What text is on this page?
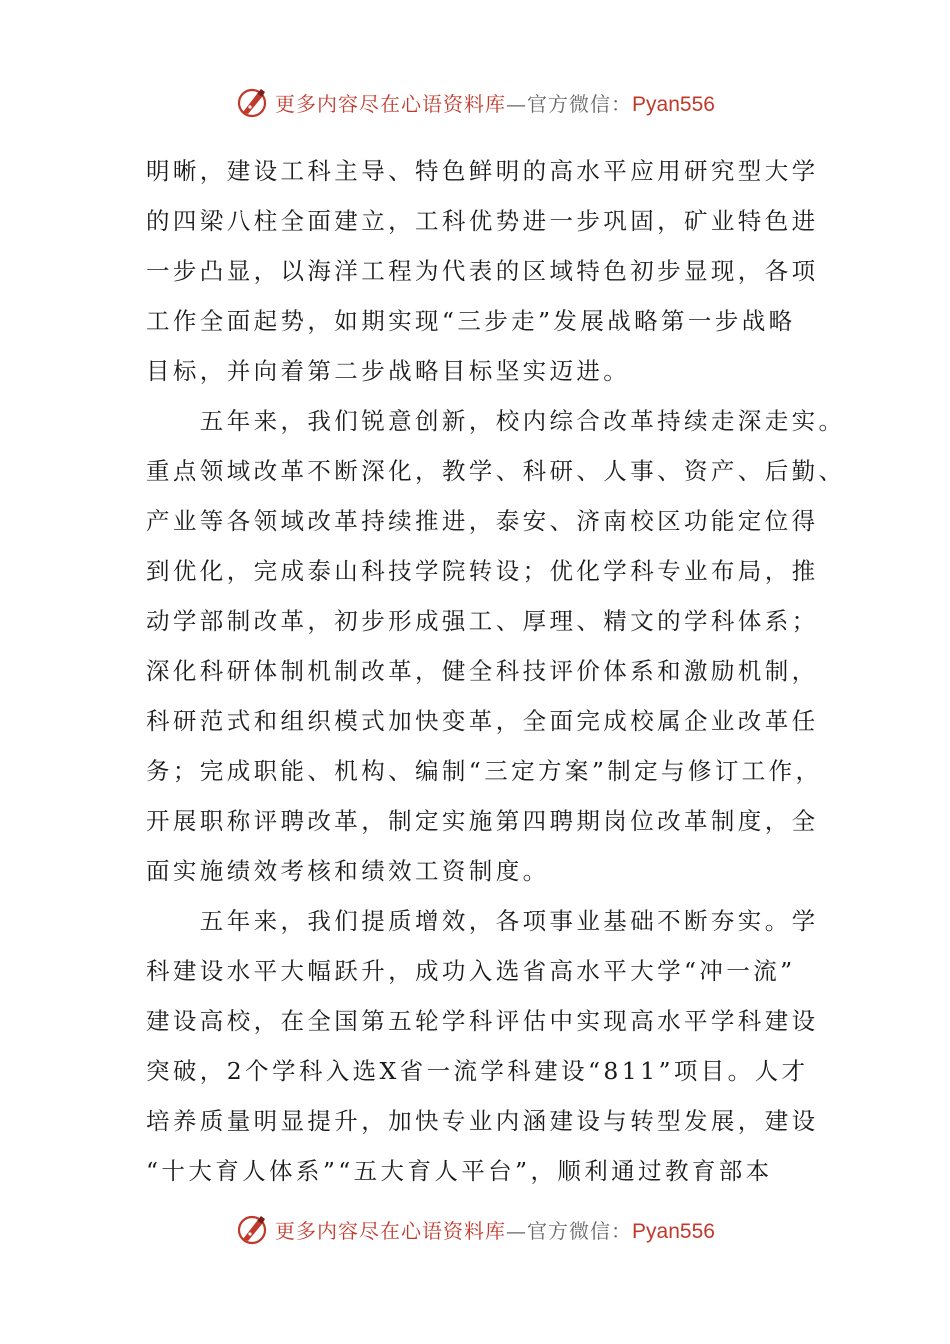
更多内容尽在心语资料库—官方微信：Pyan556
明晰，建设工科主导、特色鲜明的高水平应用研究型大学
的四梁八柱全面建立，工科优势进一步巩固，矿业特色进
一步凸显，以海洋工程为代表的区域特色初步显现，各项
工作全面起势，如期实现“三步走”发展战略第一步战略
目标，并向着第二步战略目标坚实迈进。
　　五年来，我们锐意创新，校内综合改革持续走深走实。
重点领域改革不断深化，教学、科研、人事、资产、后勤、
产业等各领域改革持续推进，泰安、济南校区功能定位得
到优化，完成泰山科技学院转设；优化学科专业布局，推
动学部制改革，初步形成强工、厚理、精文的学科体系；
深化科研体制机制改革，健全科技评价体系和激励机制，
科研范式和组织模式加快变革，全面完成校属企业改革任
务；完成职能、机构、编制“三定方案”制定与修订工作，
开展职称评聘改革，制定实施第四聘期岗位改革制度，全
面实施绩效考核和绩效工资制度。
　　五年来，我们提质增效，各项事业基础不断夯实。学
科建设水平大幅跃升，成功入选省高水平大学“冲一流”
建设高校，在全国第五轮学科评估中实现高水平学科建设
突破，2个学科入选X省一流学科建设“811”项目。人才
培养质量明显提升，加快专业内涵建设与转型发展，建设
“十大育人体系”“五大育人平台”，顺利通过教育部本
更多内容尽在心语资料库—官方微信：Pyan556
